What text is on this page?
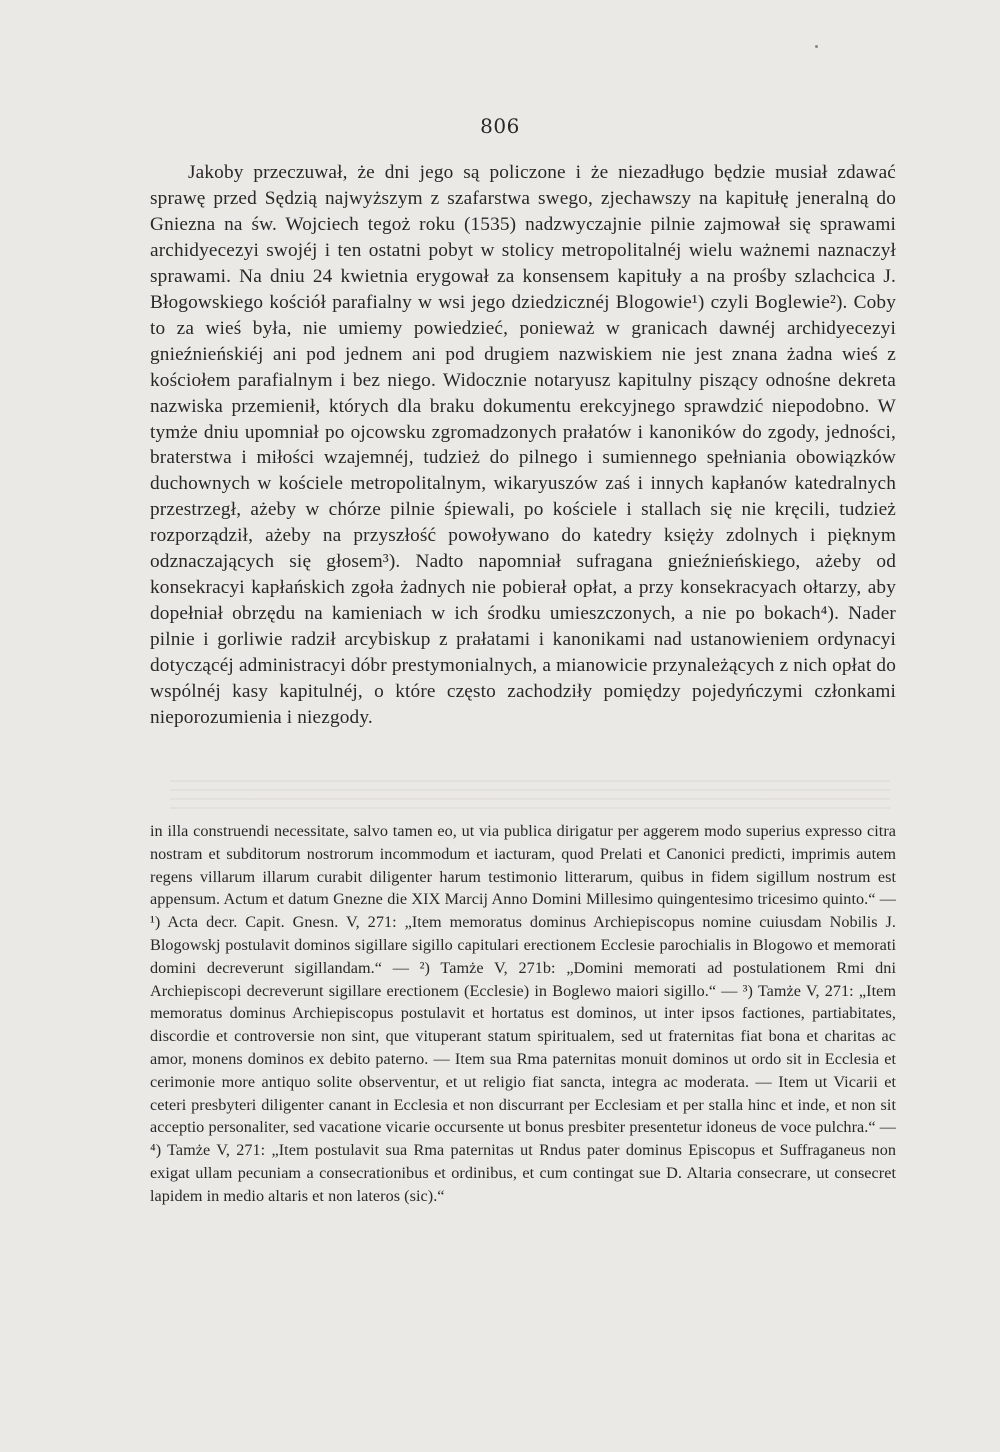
806

Jakoby przeczuwał, że dni jego są policzone i że niezadługo będzie musiał zdawać sprawę przed Sędzią najwyższym z szafarstwa swego, zjechawszy na kapitułę jeneralną do Gniezna na św. Wojciech tegoż roku (1535) nadzwyczajnie pilnie zajmował się sprawami archidyecezyi swojéj i ten ostatni pobyt w stolicy metropolitalnéj wielu ważnemi naznaczył sprawami. Na dniu 24 kwietnia erygował za konsensem kapituły a na prośby szlachcica J. Błogowskiego kościół parafialny w wsi jego dziedzicznéj Blogowie¹) czyli Boglewie²). Coby to za wieś była, nie umiemy powiedzieć, ponieważ w granicach dawnéj archidyecezyi gnieźnieńskiéj ani pod jednem ani pod drugiem nazwiskiem nie jest znana żadna wieś z kościołem parafialnym i bez niego. Widocznie notaryusz kapitulny piszący odnośne dekreta nazwiska przemienił, których dla braku dokumentu erekcyjnego sprawdzić niepodobno. W tymże dniu upomniał po ojcowsku zgromadzonych prałatów i kanoników do zgody, jedności, braterstwa i miłości wzajemnéj, tudzież do pilnego i sumiennego spełniania obowiązków duchownych w kościele metropolitalnym, wikaryuszów zaś i innych kapłanów katedralnych przestrzegł, ażeby w chórze pilnie śpiewali, po kościele i stallach się nie kręcili, tudzież rozporządził, ażeby na przyszłość powoływano do katedry księży zdolnych i pięknym odznaczających się głosem³). Nadto napomniał sufragana gnieźnieńskiego, ażeby od konsekracyi kapłańskich zgoła żadnych nie pobierał opłat, a przy konsekracyach ołtarzy, aby dopełniał obrzędu na kamieniach w ich środku umieszczonych, a nie po bokach⁴). Nader pilnie i gorliwie radził arcybiskup z prałatami i kanonikami nad ustanowieniem ordynacyi dotyczącéj administracyi dóbr prestymonialnych, a mianowicie przynależących z nich opłat do wspólnéj kasy kapitulnéj, o które często zachodziły pomiędzy pojedyńczymi członkami nieporozumienia i niezgody.

in illa construendi necessitate, salvo tamen eo, ut via publica dirigatur per aggerem modo superius expresso citra nostram et subditorum nostrorum incommodum et iacturam, quod Prelati et Canonici predicti, imprimis autem regens villarum illarum curabit diligenter harum testimonio litterarum, quibus in fidem sigillum nostrum est appensum. Actum et datum Gnezne die XIX Marcij Anno Domini Millesimo quingentesimo tricesimo quinto.“ — ¹) Acta decr. Capit. Gnesn. V, 271: „Item memoratus dominus Archiepiscopus nomine cuiusdam Nobilis J. Blogowskj postulavit dominos sigillare sigillo capitulari erectionem Ecclesie parochialis in Blogowo et memorati domini decreverunt sigillandam.“ — ²) Tamże V, 271b: „Domini memorati ad postulationem Rmi dni Archiepiscopi decreverunt sigillare erectionem (Ecclesie) in Boglewo maiori sigillo.“ — ³) Tamże V, 271: „Item memoratus dominus Archiepiscopus postulavit et hortatus est dominos, ut inter ipsos factiones, partiabitates, discordie et controversie non sint, que vituperant statum spiritualem, sed ut fraternitas fiat bona et charitas ac amor, monens dominos ex debito paterno. — Item sua Rma paternitas monuit dominos ut ordo sit in Ecclesia et cerimonie more antiquo solite observentur, et ut religio fiat sancta, integra ac moderata. — Item ut Vicarii et ceteri presbyteri diligenter canant in Ecclesia et non discurrant per Ecclesiam et per stalla hinc et inde, et non sit acceptio personaliter, sed vacatione vicarie occursente ut bonus presbiter presentetur idoneus de voce pulchra.“ — ⁴) Tamże V, 271: „Item postulavit sua Rma paternitas ut Rndus pater dominus Episcopus et Suffraganeus non exigat ullam pecuniam a consecrationibus et ordinibus, et cum contingat sue D. Altaria consecrare, ut consecret lapidem in medio altaris et non lateros (sic).“
